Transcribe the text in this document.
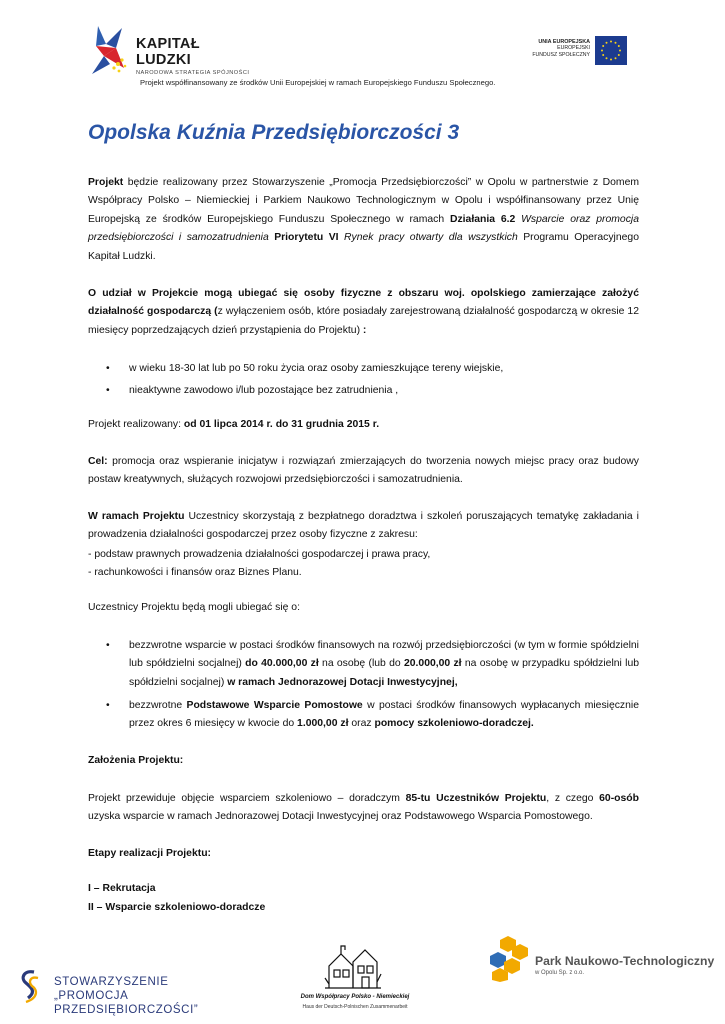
KAPITAŁ LUDZKI
NARODOWA STRATEGIA SPÓJNOŚCI
UNIA EUROPEJSKA
EUROPEJSKI
FUNDUSZ SPOŁECZNY
Projekt współfinansowany ze środków Unii Europejskiej w ramach Europejskiego Funduszu Społecznego.
Opolska Kuźnia Przedsiębiorczości 3
Projekt będzie realizowany przez Stowarzyszenie „Promocja Przedsiębiorczości” w Opolu w partnerstwie z Domem Współpracy Polsko – Niemieckiej i Parkiem Naukowo Technologicznym w Opolu i współfinansowany przez Unię Europejską ze środków Europejskiego Funduszu Społecznego w ramach Działania 6.2 Wsparcie oraz promocja przedsiębiorczości i samozatrudnienia Priorytetu VI Rynek pracy otwarty dla wszystkich Programu Operacyjnego Kapitał Ludzki.
O udział w Projekcie mogą ubiegać się osoby fizyczne z obszaru woj. opolskiego zamierzające założyć działalność gospodarczą (z wyłączeniem osób, które posiadały zarejestrowaną działalność gospodarczą w okresie 12 miesięcy poprzedzających dzień przystąpienia do Projektu) :
• w wieku 18-30 lat lub po 50 roku życia oraz osoby zamieszkujące tereny wiejskie,
• nieaktywne zawodowo i/lub pozostające bez zatrudnienia ,
Projekt realizowany: od 01 lipca 2014 r. do 31 grudnia 2015 r.
Cel: promocja oraz wspieranie inicjatyw i rozwiązań zmierzających do tworzenia nowych miejsc pracy oraz budowy postaw kreatywnych, służących rozwojowi przedsiębiorczości i samozatrudnienia.
W ramach Projektu Uczestnicy skorzystają z bezpłatnego doradztwa i szkoleń poruszających tematykę zakładania i prowadzenia działalności gospodarczej przez osoby fizyczne z zakresu:
- podstaw prawnych prowadzenia działalności gospodarczej i prawa pracy,
- rachunkowości i finansów oraz Biznes Planu.
Uczestnicy Projektu będą mogli ubiegać się o:
• bezzwrotne wsparcie w postaci środków finansowych na rozwój przedsiębiorczości (w tym w formie spółdzielni lub spółdzielni socjalnej) do 40.000,00 zł na osobę (lub do 20.000,00 zł na osobę w przypadku spółdzielni lub spółdzielni socjalnej) w ramach Jednorazowej Dotacji Inwestycyjnej,
• bezzwrotne Podstawowe Wsparcie Pomostowe w postaci środków finansowych wypłacanych miesięcznie przez okres 6 miesięcy w kwocie do 1.000,00 zł oraz pomocy szkoleniowo-doradczej.
Założenia Projektu:
Projekt przewiduje objęcie wsparciem szkoleniowo – doradczym 85-tu Uczestników Projektu, z czego 60-osób uzyska wsparcie w ramach Jednorazowej Dotacji Inwestycyjnej oraz Podstawowego Wsparcia Pomostowego.
Etapy realizacji Projektu:
I – Rekrutacja
II – Wsparcie szkoleniowo-doradcze
STOWARZYSZENIE
„PROMOCJA PRZEDSIĘBIORCZOŚCI”
Dom Współpracy Polsko - Niemieckiej
Haus der Deutsch-Polnischen Zusammenarbeit
Park Naukowo-Technologiczny
w Opolu Sp. z o.o.
